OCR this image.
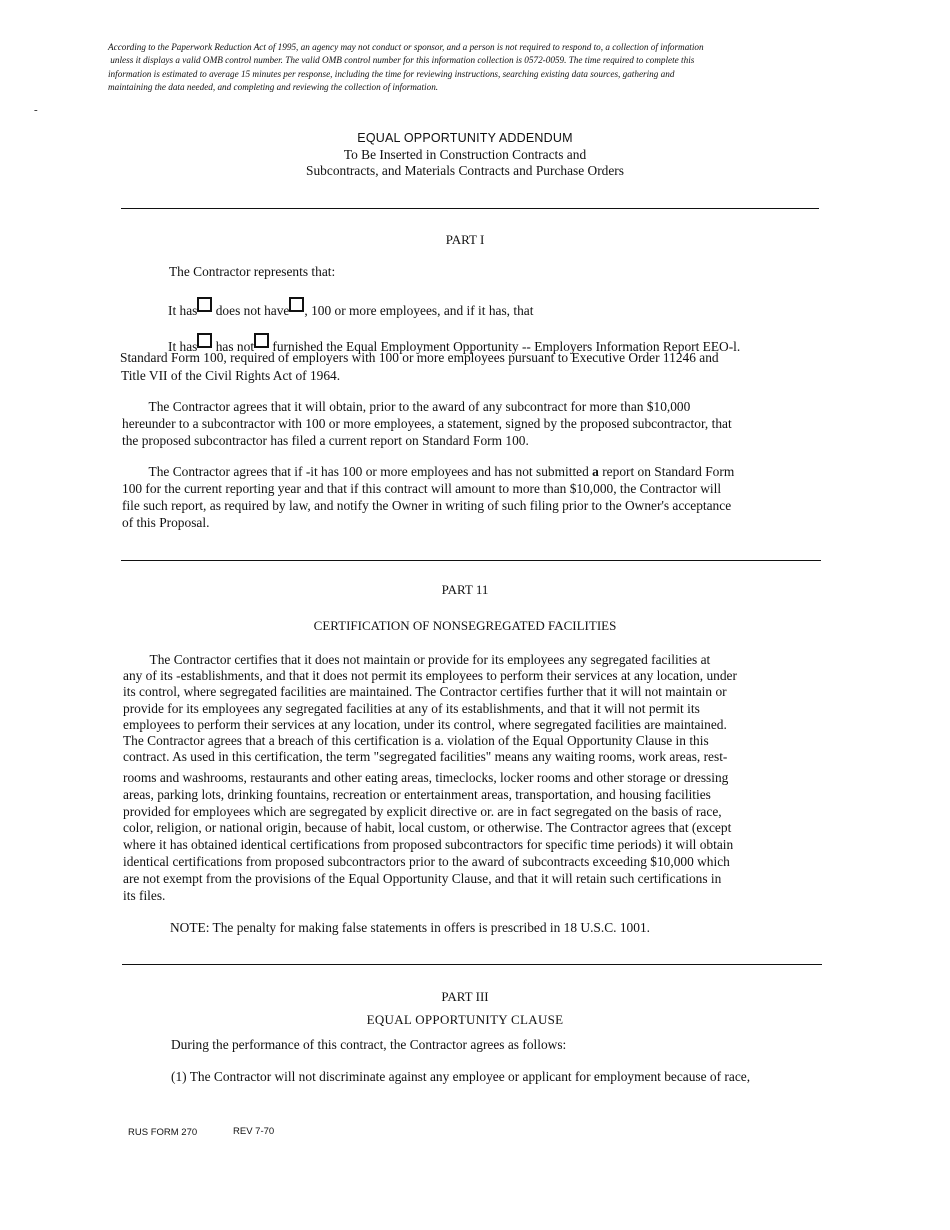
According to the Paperwork Reduction Act of 1995, an agency may not conduct or sponsor, and a person is not required to respond to, a collection of information
unless it displays a valid OMB control number. The valid OMB control number for this information collection is 0572-0059. The time required to complete this
information is estimated to average 15 minutes per response, including the time for reviewing instructions, searching existing data sources, gathering and
maintaining the data needed, and completing and reviewing the collection of information.
-
EQUAL OPPORTUNITY ADDENDUM
To Be Inserted in Construction Contracts and
Subcontracts, and Materials Contracts and Purchase Orders
PART I
The Contractor represents that:
It has does not have , 100 or more employees, and if it has, that
It has has not furnished the Equal Employment Opportunity -- Employers Information Report EEO-l.
Standard Form 100, required of employers with 100 or more employees pursuant to Executive Order 11246 and
Title VII of the Civil Rights Act of 1964.
The Contractor agrees that it will obtain, prior to the award of any subcontract for more than $10,000
hereunder to a subcontractor with 100 or more employees, a statement, signed by the proposed subcontractor, that
the proposed subcontractor has filed a current report on Standard Form 100.
The Contractor agrees that if -it has 100 or more employees and has not submitted a report on Standard Form
100 for the current reporting year and that if this contract will amount to more than $10,000, the Contractor will
file such report, as required by law, and notify the Owner in writing of such filing prior to the Owner's acceptance
of this Proposal.
PART 11
CERTIFICATION OF NONSEGREGATED FACILITIES
The Contractor certifies that it does not maintain or provide for its employees any segregated facilities at
any of its -establishments, and that it does not permit its employees to perform their services at any location, under
its control, where segregated facilities are maintained. The Contractor certifies further that it will not maintain or
provide for its employees any segregated facilities at any of its establishments, and that it will not permit its
employees to perform their services at any location, under its control, where segregated facilities are maintained.
The Contractor agrees that a breach of this certification is a. violation of the Equal Opportunity Clause in this
contract. As used in this certification, the term "segregated facilities" means any waiting rooms, work areas, rest-
rooms and washrooms, restaurants and other eating areas, timeclocks, locker rooms and other storage or dressing
areas, parking lots, drinking fountains, recreation or entertainment areas, transportation, and housing facilities
provided for employees which are segregated by explicit directive or. are in fact segregated on the basis of race,
color, religion, or national origin, because of habit, local custom, or otherwise. The Contractor agrees that (except
where it has obtained identical certifications from proposed subcontractors for specific time periods) it will obtain
identical certifications from proposed subcontractors prior to the award of subcontracts exceeding $10,000 which
are not exempt from the provisions of the Equal Opportunity Clause, and that it will retain such certifications in
its files.
NOTE: The penalty for making false statements in offers is prescribed in 18 U.S.C. 1001.
PART III
EQUAL OPPORTUNITY CLAUSE
During the performance of this contract, the Contractor agrees as follows:
(1) The Contractor will not discriminate against any employee or applicant for employment because of race,
RUS FORM 270	REV 7-70
